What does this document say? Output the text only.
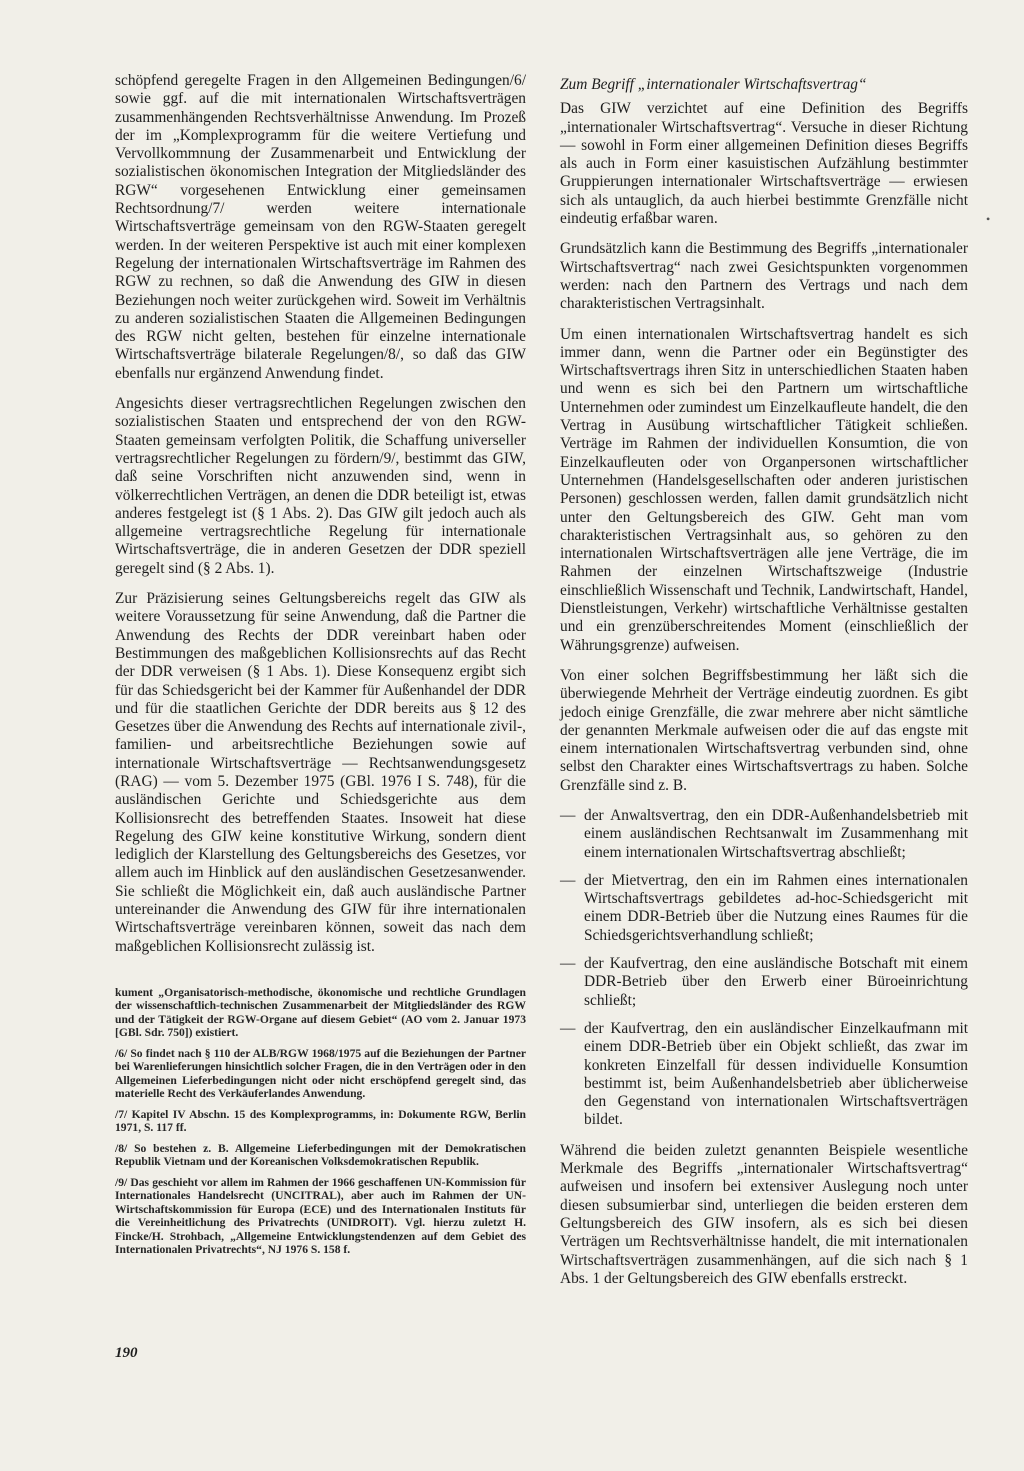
schöpfend geregelte Fragen in den Allgemeinen Bedingungen/6/ sowie ggf. auf die mit internationalen Wirtschaftsverträgen zusammenhängenden Rechtsverhältnisse Anwendung. Im Prozeß der im „Komplexprogramm für die weitere Vertiefung und Vervollkommnung der Zusammenarbeit und Entwicklung der sozialistischen ökonomischen Integration der Mitgliedsländer des RGW“ vorgesehenen Entwicklung einer gemeinsamen Rechtsordnung/7/ werden weitere internationale Wirtschaftsverträge gemeinsam von den RGW-Staaten geregelt werden. In der weiteren Perspektive ist auch mit einer komplexen Regelung der internationalen Wirtschaftsverträge im Rahmen des RGW zu rechnen, so daß die Anwendung des GIW in diesen Beziehungen noch weiter zurückgehen wird. Soweit im Verhältnis zu anderen sozialistischen Staaten die Allgemeinen Bedingungen des RGW nicht gelten, bestehen für einzelne internationale Wirtschaftsverträge bilaterale Regelungen/8/, so daß das GIW ebenfalls nur ergänzend Anwendung findet.

Angesichts dieser vertragsrechtlichen Regelungen zwischen den sozialistischen Staaten und entsprechend der von den RGW-Staaten gemeinsam verfolgten Politik, die Schaffung universeller vertragsrechtlicher Regelungen zu fördern/9/, bestimmt das GIW, daß seine Vorschriften nicht anzuwenden sind, wenn in völkerrechtlichen Verträgen, an denen die DDR beteiligt ist, etwas anderes festgelegt ist (§ 1 Abs. 2). Das GIW gilt jedoch auch als allgemeine vertragsrechtliche Regelung für internationale Wirtschaftsverträge, die in anderen Gesetzen der DDR speziell geregelt sind (§ 2 Abs. 1).

Zur Präzisierung seines Geltungsbereichs regelt das GIW als weitere Voraussetzung für seine Anwendung, daß die Partner die Anwendung des Rechts der DDR vereinbart haben oder Bestimmungen des maßgeblichen Kollisionsrechts auf das Recht der DDR verweisen (§ 1 Abs. 1). Diese Konsequenz ergibt sich für das Schiedsgericht bei der Kammer für Außenhandel der DDR und für die staatlichen Gerichte der DDR bereits aus § 12 des Gesetzes über die Anwendung des Rechts auf internationale zivil-, familien- und arbeitsrechtliche Beziehungen sowie auf internationale Wirtschaftsverträge — Rechtsanwendungsgesetz (RAG) — vom 5. Dezember 1975 (GBl. 1976 I S. 748), für die ausländischen Gerichte und Schiedsgerichte aus dem Kollisionsrecht des betreffenden Staates. Insoweit hat diese Regelung des GIW keine konstitutive Wirkung, sondern dient lediglich der Klarstellung des Geltungsbereichs des Gesetzes, vor allem auch im Hinblick auf den ausländischen Gesetzesanwender. Sie schließt die Möglichkeit ein, daß auch ausländische Partner untereinander die Anwendung des GIW für ihre internationalen Wirtschaftsverträge vereinbaren können, soweit das nach dem maßgeblichen Kollisionsrecht zulässig ist.

kument „Organisatorisch-methodische, ökonomische und rechtliche Grundlagen der wissenschaftlich-technischen Zusammenarbeit der Mitgliedsländer des RGW und der Tätigkeit der RGW-Organe auf diesem Gebiet“ (AO vom 2. Januar 1973 [GBl. Sdr. 750]) existiert.

/6/ So findet nach § 110 der ALB/RGW 1968/1975 auf die Beziehungen der Partner bei Warenlieferungen hinsichtlich solcher Fragen, die in den Verträgen oder in den Allgemeinen Lieferbedingungen nicht oder nicht erschöpfend geregelt sind, das materielle Recht des Verkäuferlandes Anwendung.

/7/ Kapitel IV Abschn. 15 des Komplexprogramms, in: Dokumente RGW, Berlin 1971, S. 117 ff.

/8/ So bestehen z. B. Allgemeine Lieferbedingungen mit der Demokratischen Republik Vietnam und der Koreanischen Volksdemokratischen Republik.

/9/ Das geschieht vor allem im Rahmen der 1966 geschaffenen UN-Kommission für Internationales Handelsrecht (UNCITRAL), aber auch im Rahmen der UN-Wirtschaftskommission für Europa (ECE) und des Internationalen Instituts für die Vereinheitlichung des Privatrechts (UNIDROIT). Vgl. hierzu zuletzt H. Fincke/H. Strohbach, „Allgemeine Entwicklungstendenzen auf dem Gebiet des Internationalen Privatrechts“, NJ 1976 S. 158 f.

Zum Begriff „internationaler Wirtschaftsvertrag“

Das GIW verzichtet auf eine Definition des Begriffs „internationaler Wirtschaftsvertrag“. Versuche in dieser Richtung — sowohl in Form einer allgemeinen Definition dieses Begriffs als auch in Form einer kasuistischen Aufzählung bestimmter Gruppierungen internationaler Wirtschaftsverträge — erwiesen sich als untauglich, da auch hierbei bestimmte Grenzfälle nicht eindeutig erfaßbar waren.

Grundsätzlich kann die Bestimmung des Begriffs „internationaler Wirtschaftsvertrag“ nach zwei Gesichtspunkten vorgenommen werden: nach den Partnern des Vertrags und nach dem charakteristischen Vertragsinhalt.

Um einen internationalen Wirtschaftsvertrag handelt es sich immer dann, wenn die Partner oder ein Begünstigter des Wirtschaftsvertrags ihren Sitz in unterschiedlichen Staaten haben und wenn es sich bei den Partnern um wirtschaftliche Unternehmen oder zumindest um Einzelkaufleute handelt, die den Vertrag in Ausübung wirtschaftlicher Tätigkeit schließen. Verträge im Rahmen der individuellen Konsumtion, die von Einzelkaufleuten oder von Organpersonen wirtschaftlicher Unternehmen (Handelsgesellschaften oder anderen juristischen Personen) geschlossen werden, fallen damit grundsätzlich nicht unter den Geltungsbereich des GIW. Geht man vom charakteristischen Vertragsinhalt aus, so gehören zu den internationalen Wirtschaftsverträgen alle jene Verträge, die im Rahmen der einzelnen Wirtschaftszweige (Industrie einschließlich Wissenschaft und Technik, Landwirtschaft, Handel, Dienstleistungen, Verkehr) wirtschaftliche Verhältnisse gestalten und ein grenzüberschreitendes Moment (einschließlich der Währungsgrenze) aufweisen.

Von einer solchen Begriffsbestimmung her läßt sich die überwiegende Mehrheit der Verträge eindeutig zuordnen. Es gibt jedoch einige Grenzfälle, die zwar mehrere aber nicht sämtliche der genannten Merkmale aufweisen oder die auf das engste mit einem internationalen Wirtschaftsvertrag verbunden sind, ohne selbst den Charakter eines Wirtschaftsvertrags zu haben. Solche Grenzfälle sind z. B.

— der Anwaltsvertrag, den ein DDR-Außenhandelsbetrieb mit einem ausländischen Rechtsanwalt im Zusammenhang mit einem internationalen Wirtschaftsvertrag abschließt;
— der Mietvertrag, den ein im Rahmen eines internationalen Wirtschaftsvertrags gebildetes ad-hoc-Schiedsgericht mit einem DDR-Betrieb über die Nutzung eines Raumes für die Schiedsgerichtsverhandlung schließt;
— der Kaufvertrag, den eine ausländische Botschaft mit einem DDR-Betrieb über den Erwerb einer Büroeinrichtung schließt;
— der Kaufvertrag, den ein ausländischer Einzelkaufmann mit einem DDR-Betrieb über ein Objekt schließt, das zwar im konkreten Einzelfall für dessen individuelle Konsumtion bestimmt ist, beim Außenhandelsbetrieb aber üblicherweise den Gegenstand von internationalen Wirtschaftsverträgen bildet.

Während die beiden zuletzt genannten Beispiele wesentliche Merkmale des Begriffs „internationaler Wirtschaftsvertrag“ aufweisen und insofern bei extensiver Auslegung noch unter diesen subsumierbar sind, unterliegen die beiden ersteren dem Geltungsbereich des GIW insofern, als es sich bei diesen Verträgen um Rechtsverhältnisse handelt, die mit internationalen Wirtschaftsverträgen zusammenhängen, auf die sich nach § 1 Abs. 1 der Geltungsbereich des GIW ebenfalls erstreckt.

190
•
